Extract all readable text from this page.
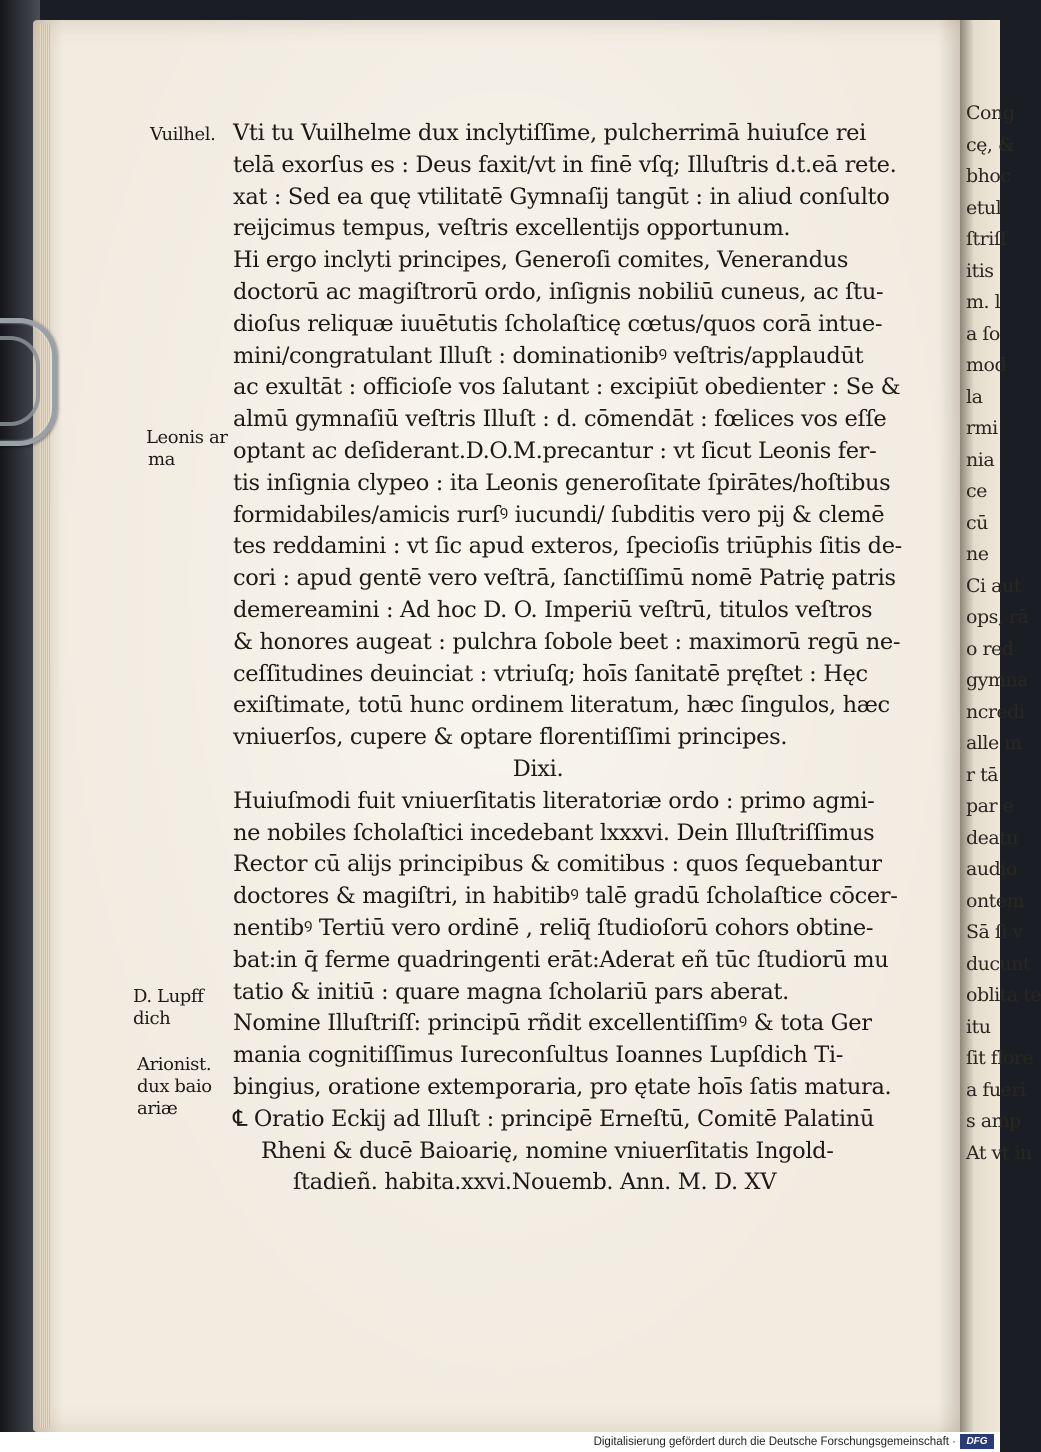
Cong
cę, &
bhoc
etul
ſtriſſ
itis
m. l
a ſo
mod
la
rmi
nia
ce
cū
ne
Ci aut
ops, rā
o red
gymna
ncredi
alle m
r tā
par e
deatu
audio
ontem
Sā ſi v
ducunt
oblita te
itu
ſit flore
a fueri
s amp
At vt in
Vuilhel.
Leonis ar
ma
D. Lupff
dich
Arionist.
dux baio
ariæ
Vti tu Vuilhelme dux inclytiſſime, pulcherrimā huiuſce rei
telā exorſus es : Deus faxit/vt in finē vſq; Illuſtris d.t.eā rete.
xat : Sed ea quę vtilitatē Gymnaſij tangūt : in aliud conſulto
reijcimus tempus, veſtris excellentijs opportunum.
Hi ergo inclyti principes, Generoſi comites, Venerandus
doctorū ac magiſtrorū ordo, inſignis nobiliū cuneus, ac ſtu-
dioſus reliquæ iuuētutis ſcholaſticę cœtus/quos corā intue-
mini/congratulant Illuſt : dominationibꝰ veſtris/applaudūt
ac exultāt : officioſe vos ſalutant : excipiūt obedienter : Se &
almū gymnaſiū veſtris Illuſt : d. cōmendāt : fœlices vos eſſe
optant ac deſiderant.D.O.M.precantur : vt ſicut Leonis fer-
tis inſignia clypeo : ita Leonis generoſitate ſpirātes/hoſtibus
formidabiles/amicis rurſꝰ iucundi/ ſubditis vero pij & clemē
tes reddamini : vt ſic apud exteros, ſpecioſis triūphis ſitis de-
cori : apud gentē vero veſtrā, ſanctiſſimū nomē Patrię patris
demereamini : Ad hoc D. O. Imperiū veſtrū, titulos veſtros
& honores augeat : pulchra ſobole beet : maximorū regū ne-
ceſſitudines deuinciat : vtriuſq; hoīs ſanitatē pręſtet : Hęc
exiſtimate, totū hunc ordinem literatum, hæc ſingulos, hæc
vniuerſos, cupere & optare florentiſſimi principes.
Dixi.
Huiuſmodi fuit vniuerſitatis literatoriæ ordo : primo agmi-
ne nobiles ſcholaſtici incedebant lxxxvi. Dein Illuſtriſſimus
Rector cū alijs principibus & comitibus : quos ſequebantur
doctores & magiſtri, in habitibꝰ talē gradū ſcholaſtice cōcer-
nentibꝰ Tertiū vero ordinē , reliq̄ ſtudioſorū cohors obtine-
bat:in q̄ ferme quadringenti erāt:Aderat eñ tūc ſtudiorū mu
tatio & initiū : quare magna ſcholariū pars aberat.
Nomine Illuſtriſſ: principū rñdit excellentiſſimꝰ & tota Ger
mania cognitiſſimus Iureconſultus Ioannes Lupſdich Ti-
bingius, oratione extemporaria, pro ętate hoīs ſatis matura.
℄ Oratio Eckij ad Illuſt : principē Erneſtū, Comitē Palatinū
Rheni & ducē Baioarię, nomine vniuerſitatis Ingold-
ſtadieñ. habita.xxvi.Nouemb. Ann. M. D. XV
Digitalisierung gefördert durch die Deutsche Forschungsgemeinschaft ·	DFG
